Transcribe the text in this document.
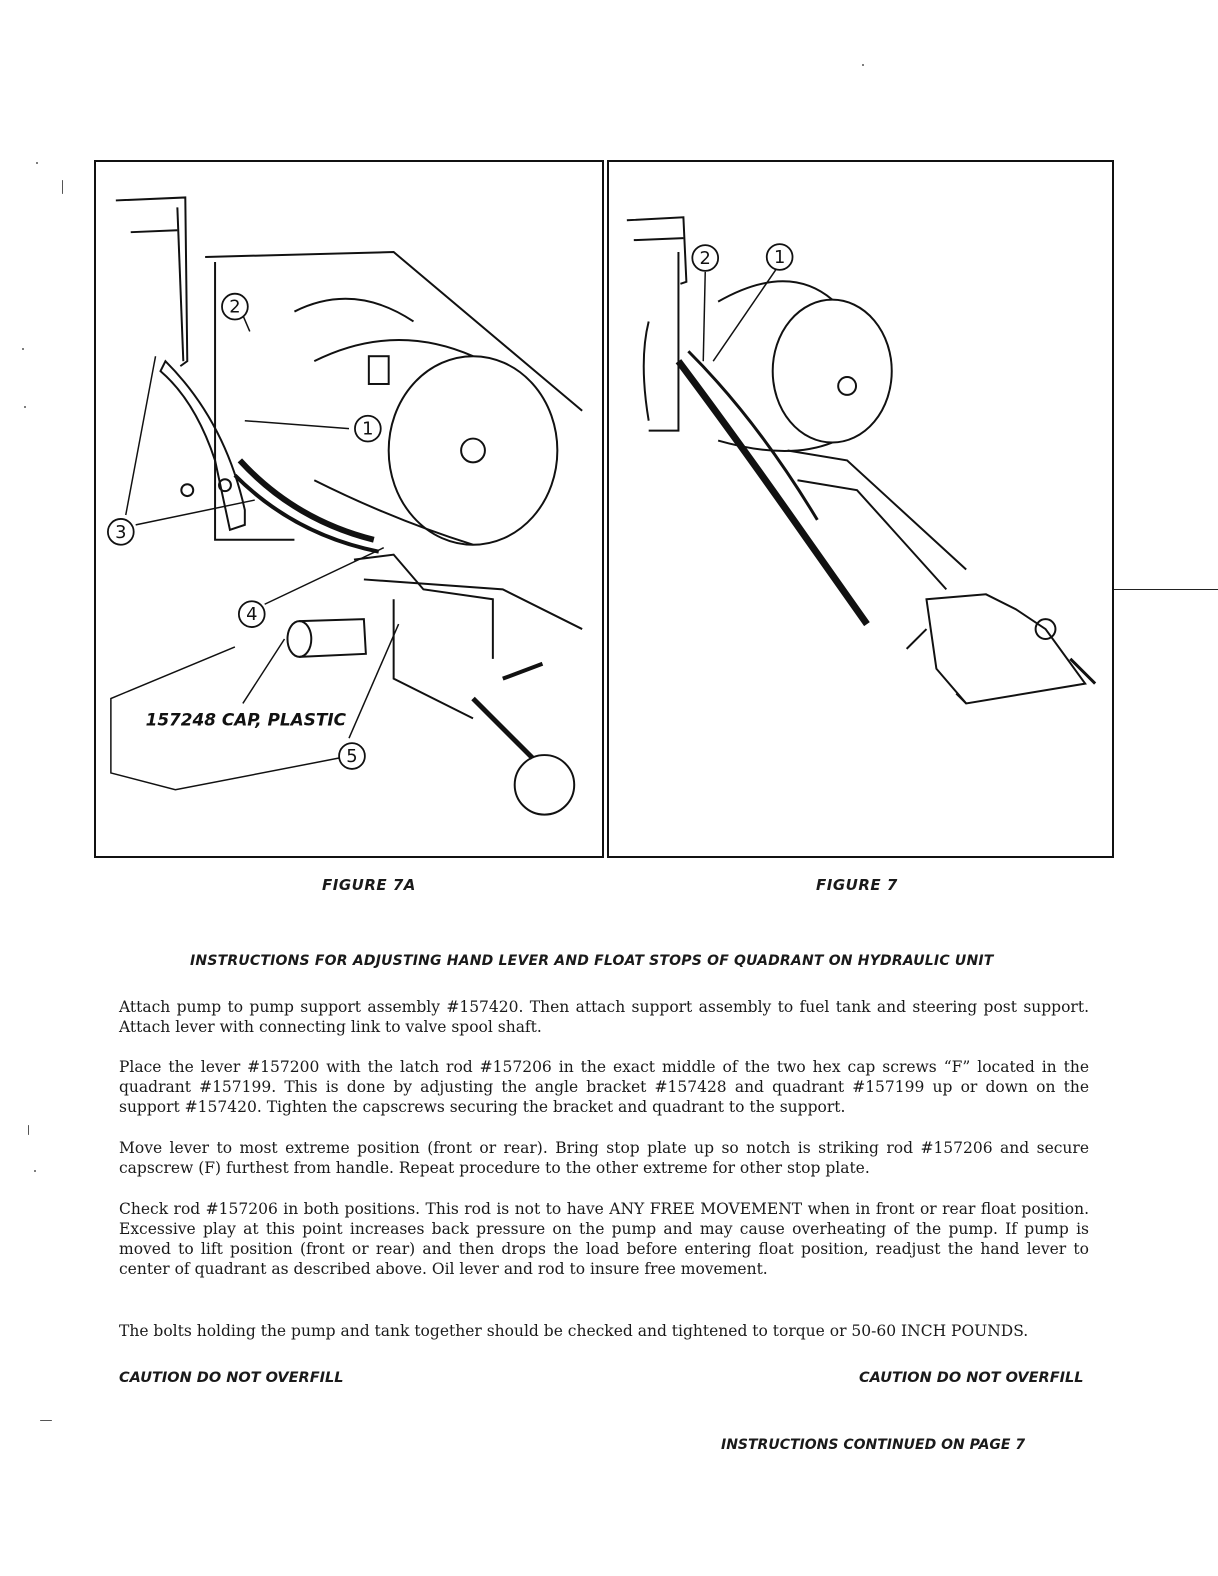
2
1
3
4
5
157248 CAP, PLASTIC
2	1
FIGURE 7A	FIGURE 7
INSTRUCTIONS FOR ADJUSTING HAND LEVER AND FLOAT STOPS OF QUADRANT ON HYDRAULIC UNIT

Attach pump to pump support assembly #157420. Then attach support assembly to fuel tank and steering post support. Attach lever with connecting link to valve spool shaft.

Place the lever #157200 with the latch rod #157206 in the exact middle of the two hex cap screws “F” located in the quadrant #157199. This is done by adjusting the angle bracket #157428 and quadrant #157199 up or down on the support #157420. Tighten the capscrews securing the bracket and quadrant to the support.

Move lever to most extreme position (front or rear). Bring stop plate up so notch is striking rod #157206 and secure capscrew (F) furthest from handle. Repeat procedure to the other extreme for other stop plate.

Check rod #157206 in both positions. This rod is not to have ANY FREE MOVEMENT when in front or rear float position. Excessive play at this point increases back pressure on the pump and may cause overheating of the pump. If pump is moved to lift position (front or rear) and then drops the load before entering float position, readjust the hand lever to center of quadrant as described above. Oil lever and rod to insure free movement.

The bolts holding the pump and tank together should be checked and tightened to torque or 50-60 INCH POUNDS.

CAUTION DO NOT OVERFILL	CAUTION DO NOT OVERFILL
INSTRUCTIONS CONTINUED ON PAGE 7
